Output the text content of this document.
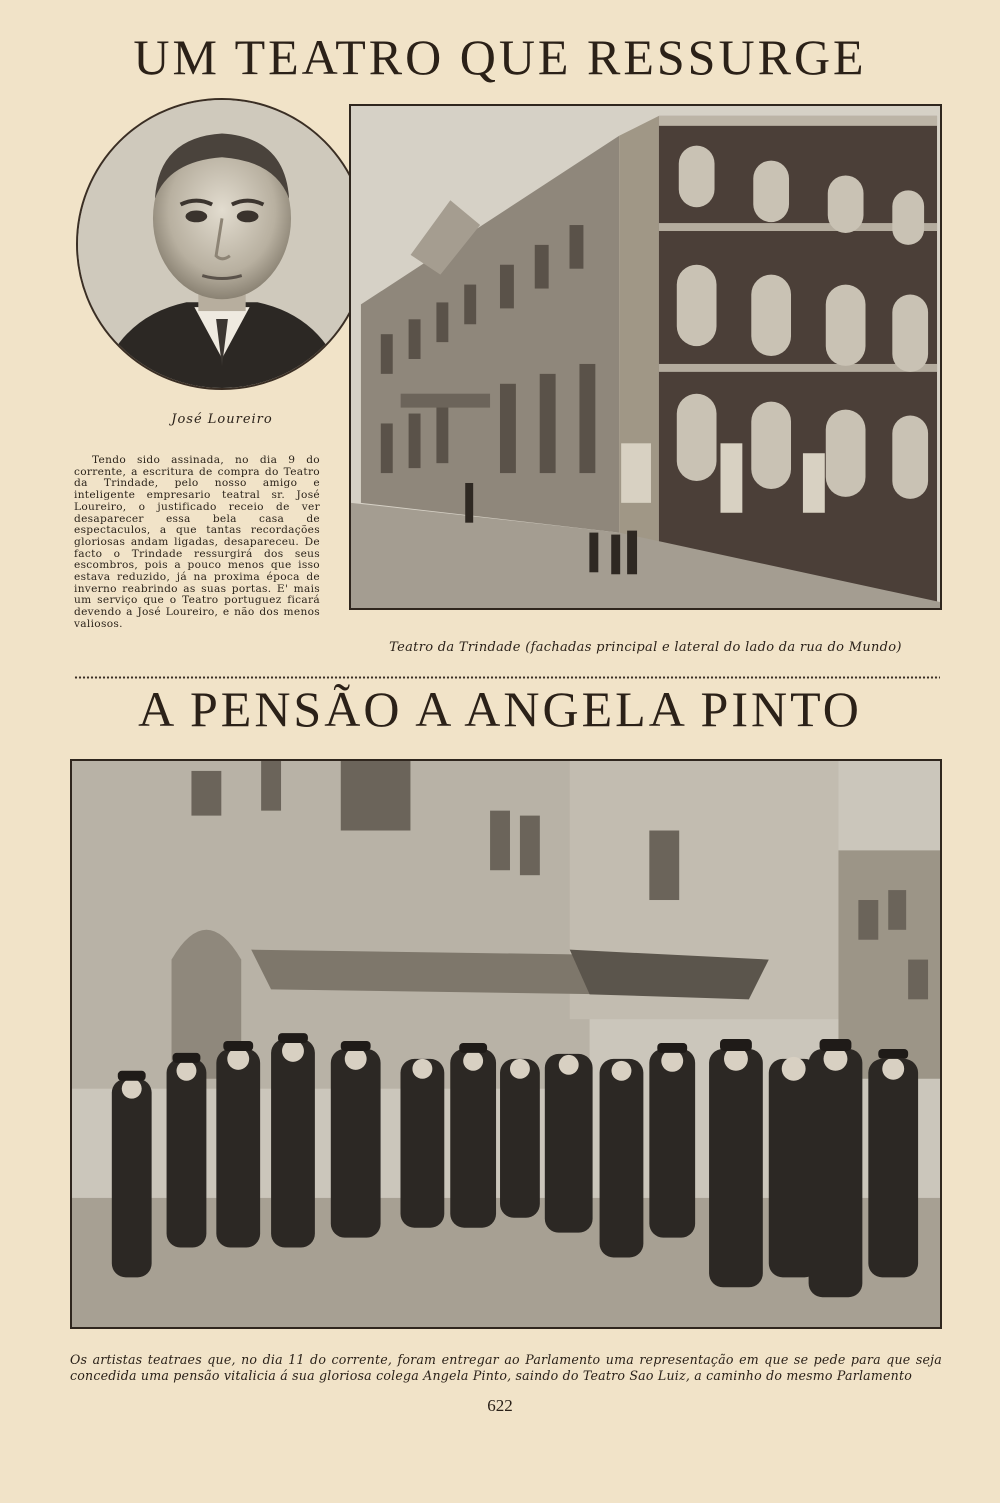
UM TEATRO QUE RESSURGE
José Loureiro

Tendo sido assinada, no dia 9 do corrente, a escritura de compra do Teatro da Trindade, pelo nosso amigo e inteligente empresario teatral sr. José Loureiro, o justificado receio de ver desaparecer essa bela casa de espectaculos, a que tantas recordações gloriosas andam ligadas, desapareceu. De facto o Trindade ressurgirá dos seus escombros, pois a pouco menos que isso estava reduzido, já na proxima época de inverno reabrindo as suas portas. E' mais um serviço que o Teatro portuguez ficará devendo a José Loureiro, e não dos menos valiosos.

Teatro da Trindade (fachadas principal e lateral do lado da rua do Mundo)
A PENSÃO A ANGELA PINTO

Os artistas teatraes que, no dia 11 do corrente, foram entregar ao Parlamento uma representação em que se pede para que seja concedida uma pensão vitalicia á sua gloriosa colega Angela Pinto, saindo do Teatro Sao Luiz, a caminho do mesmo Parlamento

622
